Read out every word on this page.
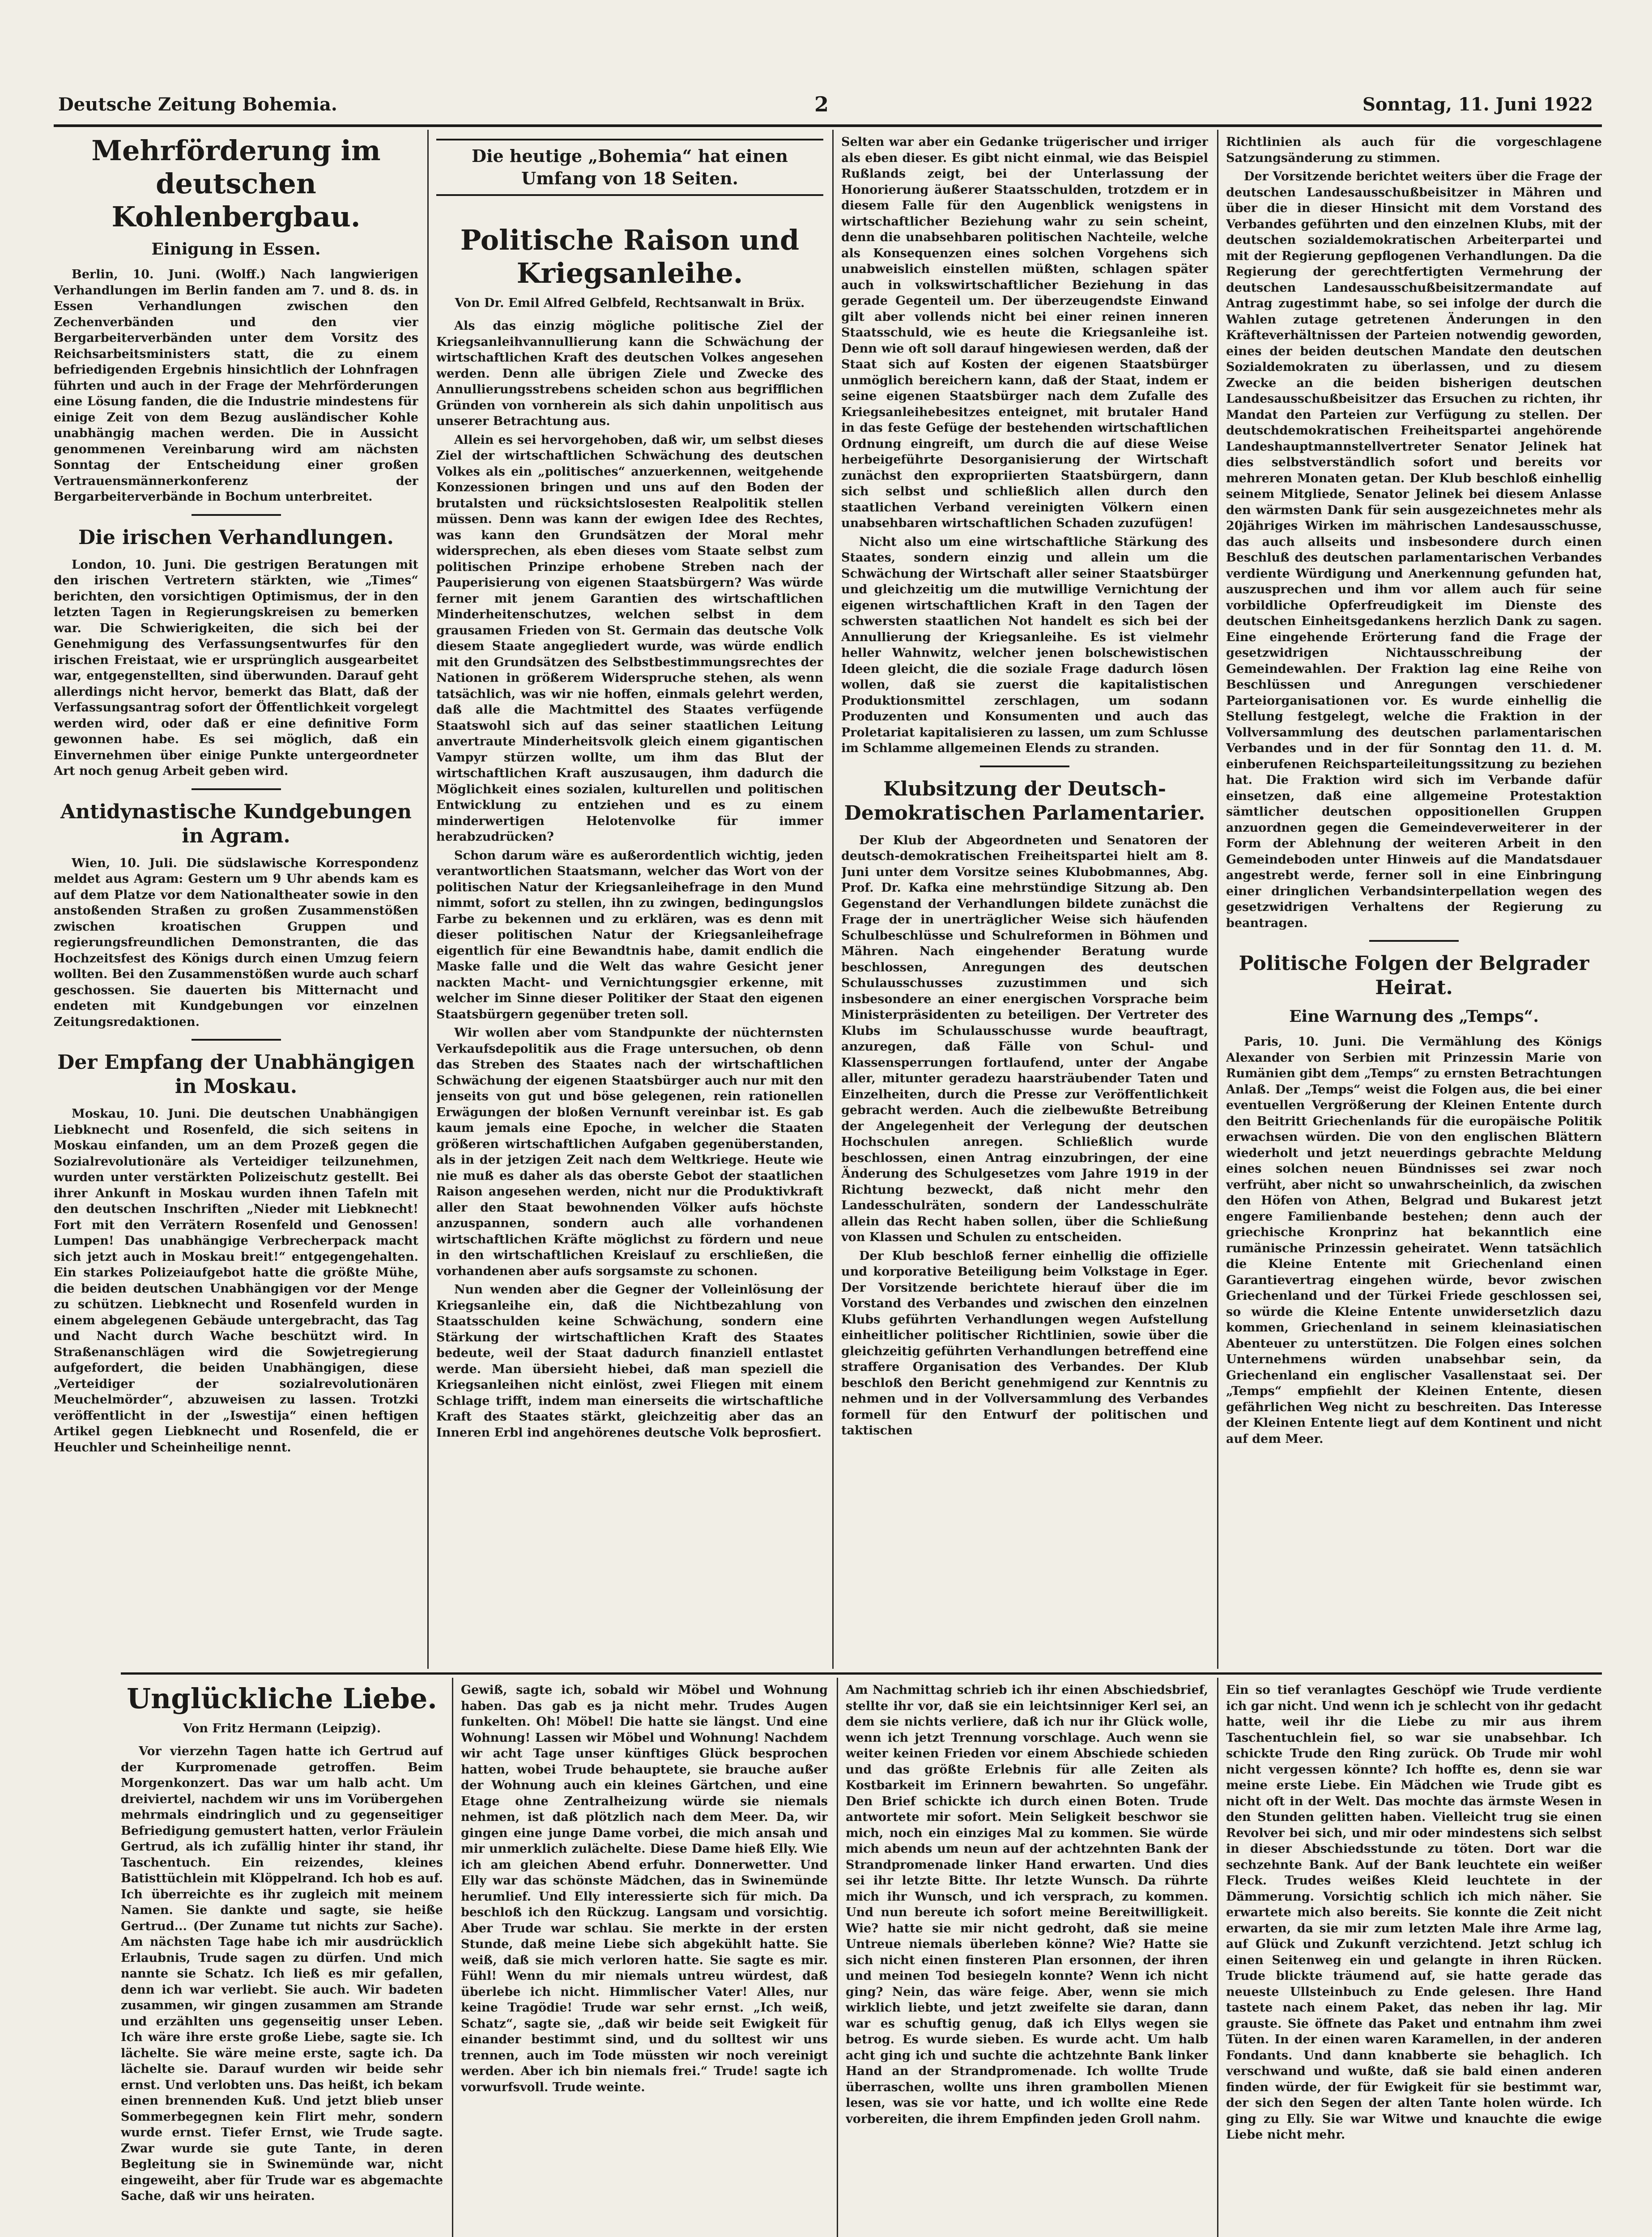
Deutsche Zeitung Bohemia.	2	Sonntag, 11. Juni 1922
Mehrförderung im deutschen Kohlenbergbau.
Einigung in Essen.

Berlin, 10. Juni. (Wolff.) Nach langwierigen Verhandlungen im Berlin fanden am 7. und 8. ds. in Essen Verhandlungen zwischen den Zechenverbänden und den vier Bergarbeiterverbänden unter dem Vorsitz des Reichsarbeitsministers statt, die zu einem befriedigenden Ergebnis hinsichtlich der Lohnfragen führten und auch in der Frage der Mehrförderungen eine Lösung fanden, die die Industrie mindestens für einige Zeit von dem Bezug ausländischer Kohle unabhängig machen werden. Die in Aussicht genommenen Vereinbarung wird am nächsten Sonntag der Entscheidung einer großen Vertrauensmännerkonferenz der Bergarbeiterverbände in Bochum unterbreitet.

Die irischen Verhandlungen.

London, 10. Juni. Die gestrigen Beratungen mit den irischen Vertretern stärkten, wie „Times“ berichten, den vorsichtigen Optimismus, der in den letzten Tagen in Regierungskreisen zu bemerken war. Die Schwierigkeiten, die sich bei der Genehmigung des Verfassungsentwurfes für den irischen Freistaat, wie er ursprünglich ausgearbeitet war, entgegenstellten, sind überwunden. Darauf geht allerdings nicht hervor, bemerkt das Blatt, daß der Verfassungsantrag sofort der Öffentlichkeit vorgelegt werden wird, oder daß er eine definitive Form gewonnen habe. Es sei möglich, daß ein Einvernehmen über einige Punkte untergeordneter Art noch genug Arbeit geben wird.

Antidynastische Kundgebungen in Agram.

Wien, 10. Juli. Die südslawische Korrespondenz meldet aus Agram: Gestern um 9 Uhr abends kam es auf dem Platze vor dem Nationaltheater sowie in den anstoßenden Straßen zu großen Zusammenstößen zwischen kroatischen Gruppen und regierungsfreundlichen Demonstranten, die das Hochzeitsfest des Königs durch einen Umzug feiern wollten. Bei den Zusammenstößen wurde auch scharf geschossen. Sie dauerten bis Mitternacht und endeten mit Kundgebungen vor einzelnen Zeitungsredaktionen.

Der Empfang der Unabhängigen in Moskau.

Moskau, 10. Juni. Die deutschen Unabhängigen Liebknecht und Rosenfeld, die sich seitens in Moskau einfanden, um an dem Prozeß gegen die Sozialrevolutionäre als Verteidiger teilzunehmen, wurden unter verstärkten Polizeischutz gestellt. Bei ihrer Ankunft in Moskau wurden ihnen Tafeln mit den deutschen Inschriften „Nieder mit Liebknecht! Fort mit den Verrätern Rosenfeld und Genossen! Lumpen! Das unabhängige Verbrecherpack macht sich jetzt auch in Moskau breit!“ entgegengehalten. Ein starkes Polizeiaufgebot hatte die größte Mühe, die beiden deutschen Unabhängigen vor der Menge zu schützen. Liebknecht und Rosenfeld wurden in einem abgelegenen Gebäude untergebracht, das Tag und Nacht durch Wache beschützt wird. In Straßenanschlägen wird die Sowjetregierung aufgefordert, die beiden Unabhängigen, diese „Verteidiger der sozialrevolutionären Meuchelmörder“, abzuweisen zu lassen. Trotzki veröffentlicht in der „Iswestija“ einen heftigen Artikel gegen Liebknecht und Rosenfeld, die er Heuchler und Scheinheilige nennt.

Die heutige „Bohemia“ hat einen Umfang von 18 Seiten.
Politische Raison und Kriegsanleihe.
Von Dr. Emil Alfred Gelbfeld, Rechtsanwalt in Brüx.

Als das einzig mögliche politische Ziel der Kriegsanleihvannullierung kann die Schwächung der wirtschaftlichen Kraft des deutschen Volkes angesehen werden. Denn alle übrigen Ziele und Zwecke des Annullierungsstrebens scheiden schon aus begrifflichen Gründen von vornherein als sich dahin unpolitisch aus unserer Betrachtung aus.

Allein es sei hervorgehoben, daß wir, um selbst dieses Ziel der wirtschaftlichen Schwächung des deutschen Volkes als ein „politisches“ anzuerkennen, weitgehende Konzessionen bringen und uns auf den Boden der brutalsten und rücksichtslosesten Realpolitik stellen müssen. Denn was kann der ewigen Idee des Rechtes, was kann den Grundsätzen der Moral mehr widersprechen, als eben dieses vom Staate selbst zum politischen Prinzipe erhobene Streben nach der Pauperisierung von eigenen Staatsbürgern? Was würde ferner mit jenem Garantien des wirtschaftlichen Minderheitenschutzes, welchen selbst in dem grausamen Frieden von St. Germain das deutsche Volk diesem Staate angegliedert wurde, was würde endlich mit den Grundsätzen des Selbstbestimmungsrechtes der Nationen in größerem Widerspruche stehen, als wenn tatsächlich, was wir nie hoffen, einmals gelehrt werden, daß alle die Machtmittel des Staates verfügende Staatswohl sich auf das seiner staatlichen Leitung anvertraute Minderheitsvolk gleich einem gigantischen Vampyr stürzen wollte, um ihm das Blut der wirtschaftlichen Kraft auszusaugen, ihm dadurch die Möglichkeit eines sozialen, kulturellen und politischen Entwicklung zu entziehen und es zu einem minderwertigen Helotenvolke für immer herabzudrücken?

Schon darum wäre es außerordentlich wichtig, jeden verantwortlichen Staatsmann, welcher das Wort von der politischen Natur der Kriegsanleihefrage in den Mund nimmt, sofort zu stellen, ihn zu zwingen, bedingungslos Farbe zu bekennen und zu erklären, was es denn mit dieser politischen Natur der Kriegsanleihefrage eigentlich für eine Bewandtnis habe, damit endlich die Maske falle und die Welt das wahre Gesicht jener nackten Macht- und Vernichtungsgier erkenne, mit welcher im Sinne dieser Politiker der Staat den eigenen Staatsbürgern gegenüber treten soll.

Wir wollen aber vom Standpunkte der nüchternsten Verkaufsdepolitik aus die Frage untersuchen, ob denn das Streben des Staates nach der wirtschaftlichen Schwächung der eigenen Staatsbürger auch nur mit den jenseits von gut und böse gelegenen, rein rationellen Erwägungen der bloßen Vernunft vereinbar ist. Es gab kaum jemals eine Epoche, in welcher die Staaten größeren wirtschaftlichen Aufgaben gegenüberstanden, als in der jetzigen Zeit nach dem Weltkriege. Heute wie nie muß es daher als das oberste Gebot der staatlichen Raison angesehen werden, nicht nur die Produktivkraft aller den Staat bewohnenden Völker aufs höchste anzuspannen, sondern auch alle vorhandenen wirtschaftlichen Kräfte möglichst zu fördern und neue in den wirtschaftlichen Kreislauf zu erschließen, die vorhandenen aber aufs sorgsamste zu schonen.

Nun wenden aber die Gegner der Volleinlösung der Kriegsanleihe ein, daß die Nichtbezahlung von Staatsschulden keine Schwächung, sondern eine Stärkung der wirtschaftlichen Kraft des Staates bedeute, weil der Staat dadurch finanziell entlastet werde. Man übersieht hiebei, daß man speziell die Kriegsanleihen nicht einlöst, zwei Fliegen mit einem Schlage trifft, indem man einerseits die wirtschaftliche Kraft des Staates stärkt, gleichzeitig aber das an Inneren Erbl ind angehörenes deutsche Volk beprosfiert.

Selten war aber ein Gedanke trügerischer und irriger als eben dieser. Es gibt nicht einmal, wie das Beispiel Rußlands zeigt, bei der Unterlassung der Honorierung äußerer Staatsschulden, trotzdem er in diesem Falle für den Augenblick wenigstens in wirtschaftlicher Beziehung wahr zu sein scheint, denn die unabsehbaren politischen Nachteile, welche als Konsequenzen eines solchen Vorgehens sich unabweislich einstellen müßten, schlagen später auch in volkswirtschaftlicher Beziehung in das gerade Gegenteil um. Der überzeugendste Einwand gilt aber vollends nicht bei einer reinen inneren Staatsschuld, wie es heute die Kriegsanleihe ist. Denn wie oft soll darauf hingewiesen werden, daß der Staat sich auf Kosten der eigenen Staatsbürger unmöglich bereichern kann, daß der Staat, indem er seine eigenen Staatsbürger nach dem Zufalle des Kriegsanleihebesitzes enteignet, mit brutaler Hand in das feste Gefüge der bestehenden wirtschaftlichen Ordnung eingreift, um durch die auf diese Weise herbeigeführte Desorganisierung der Wirtschaft zunächst den expropriierten Staatsbürgern, dann sich selbst und schließlich allen durch den staatlichen Verband vereinigten Völkern einen unabsehbaren wirtschaftlichen Schaden zuzufügen!

Nicht also um eine wirtschaftliche Stärkung des Staates, sondern einzig und allein um die Schwächung der Wirtschaft aller seiner Staatsbürger und gleichzeitig um die mutwillige Vernichtung der eigenen wirtschaftlichen Kraft in den Tagen der schwersten staatlichen Not handelt es sich bei der Annullierung der Kriegsanleihe. Es ist vielmehr heller Wahnwitz, welcher jenen bolschewistischen Ideen gleicht, die die soziale Frage dadurch lösen wollen, daß sie zuerst die kapitalistischen Produktionsmittel zerschlagen, um sodann Produzenten und Konsumenten und auch das Proletariat kapitalisieren zu lassen, um zum Schlusse im Schlamme allgemeinen Elends zu stranden.

Klubsitzung der Deutsch-Demokratischen Parlamentarier.

Der Klub der Abgeordneten und Senatoren der deutsch-demokratischen Freiheitspartei hielt am 8. Juni unter dem Vorsitze seines Klubobmannes, Abg. Prof. Dr. Kafka eine mehrstündige Sitzung ab. Den Gegenstand der Verhandlungen bildete zunächst die Frage der in unerträglicher Weise sich häufenden Schulbeschlüsse und Schulreformen in Böhmen und Mähren. Nach eingehender Beratung wurde beschlossen, Anregungen des deutschen Schulausschusses zuzustimmen und sich insbesondere an einer energischen Vorsprache beim Ministerpräsidenten zu beteiligen. Der Vertreter des Klubs im Schulausschusse wurde beauftragt, anzuregen, daß Fälle von Schul- und Klassensperrungen fortlaufend, unter der Angabe aller, mitunter geradezu haarsträubender Taten und Einzelheiten, durch die Presse zur Veröffentlichkeit gebracht werden. Auch die zielbewußte Betreibung der Angelegenheit der Verlegung der deutschen Hochschulen anregen. Schließlich wurde beschlossen, einen Antrag einzubringen, der eine Änderung des Schulgesetzes vom Jahre 1919 in der Richtung bezweckt, daß nicht mehr den Landesschulräten, sondern der Landesschulräte allein das Recht haben sollen, über die Schließung von Klassen und Schulen zu entscheiden.

Der Klub beschloß ferner einhellig die offizielle und korporative Beteiligung beim Volkstage in Eger. Der Vorsitzende berichtete hierauf über die im Vorstand des Verbandes und zwischen den einzelnen Klubs geführten Verhandlungen wegen Aufstellung einheitlicher politischer Richtlinien, sowie über die gleichzeitig geführten Verhandlungen betreffend eine straffere Organisation des Verbandes. Der Klub beschloß den Bericht genehmigend zur Kenntnis zu nehmen und in der Vollversammlung des Verbandes formell für den Entwurf der politischen und taktischen

Richtlinien als auch für die vorgeschlagene Satzungsänderung zu stimmen.

Der Vorsitzende berichtet weiters über die Frage der deutschen Landesausschußbeisitzer in Mähren und über die in dieser Hinsicht mit dem Vorstand des Verbandes geführten und den einzelnen Klubs, mit der deutschen sozialdemokratischen Arbeiterpartei und mit der Regierung gepflogenen Verhandlungen. Da die Regierung der gerechtfertigten Vermehrung der deutschen Landesausschußbeisitzermandate auf Antrag zugestimmt habe, so sei infolge der durch die Wahlen zutage getretenen Änderungen in den Kräfteverhältnissen der Parteien notwendig geworden, eines der beiden deutschen Mandate den deutschen Sozialdemokraten zu überlassen, und zu diesem Zwecke an die beiden bisherigen deutschen Landesausschußbeisitzer das Ersuchen zu richten, ihr Mandat den Parteien zur Verfügung zu stellen. Der deutschdemokratischen Freiheitspartei angehörende Landeshauptmannstellvertreter Senator Jelinek hat dies selbstverständlich sofort und bereits vor mehreren Monaten getan. Der Klub beschloß einhellig seinem Mitgliede, Senator Jelinek bei diesem Anlasse den wärmsten Dank für sein ausgezeichnetes mehr als 20jähriges Wirken im mährischen Landesausschusse, das auch allseits und insbesondere durch einen Beschluß des deutschen parlamentarischen Verbandes verdiente Würdigung und Anerkennung gefunden hat, auszusprechen und ihm vor allem auch für seine vorbildliche Opferfreudigkeit im Dienste des deutschen Einheitsgedankens herzlich Dank zu sagen. Eine eingehende Erörterung fand die Frage der gesetzwidrigen Nichtausschreibung der Gemeindewahlen. Der Fraktion lag eine Reihe von Beschlüssen und Anregungen verschiedener Parteiorganisationen vor. Es wurde einhellig die Stellung festgelegt, welche die Fraktion in der Vollversammlung des deutschen parlamentarischen Verbandes und in der für Sonntag den 11. d. M. einberufenen Reichsparteileitungssitzung zu beziehen hat. Die Fraktion wird sich im Verbande dafür einsetzen, daß eine allgemeine Protestaktion sämtlicher deutschen oppositionellen Gruppen anzuordnen gegen die Gemeindeverweiterer in der Form der Ablehnung der weiteren Arbeit in den Gemeindeboden unter Hinweis auf die Mandatsdauer angestrebt werde, ferner soll in eine Einbringung einer dringlichen Verbandsinterpellation wegen des gesetzwidrigen Verhaltens der Regierung zu beantragen.

Politische Folgen der Belgrader Heirat.
Eine Warnung des „Temps“.

Paris, 10. Juni. Die Vermählung des Königs Alexander von Serbien mit Prinzessin Marie von Rumänien gibt dem „Temps“ zu ernsten Betrachtungen Anlaß. Der „Temps“ weist die Folgen aus, die bei einer eventuellen Vergrößerung der Kleinen Entente durch den Beitritt Griechenlands für die europäische Politik erwachsen würden. Die von den englischen Blättern wiederholt und jetzt neuerdings gebrachte Meldung eines solchen neuen Bündnisses sei zwar noch verfrüht, aber nicht so unwahrscheinlich, da zwischen den Höfen von Athen, Belgrad und Bukarest jetzt engere Familienbande bestehen; denn auch der griechische Kronprinz hat bekanntlich eine rumänische Prinzessin geheiratet. Wenn tatsächlich die Kleine Entente mit Griechenland einen Garantievertrag eingehen würde, bevor zwischen Griechenland und der Türkei Friede geschlossen sei, so würde die Kleine Entente unwidersetzlich dazu kommen, Griechenland in seinem kleinasiatischen Abenteuer zu unterstützen. Die Folgen eines solchen Unternehmens würden unabsehbar sein, da Griechenland ein englischer Vasallenstaat sei. Der „Temps“ empfiehlt der Kleinen Entente, diesen gefährlichen Weg nicht zu beschreiten. Das Interesse der Kleinen Entente liegt auf dem Kontinent und nicht auf dem Meer.

Unglückliche Liebe.
Von Fritz Hermann (Leipzig).

Vor vierzehn Tagen hatte ich Gertrud auf der Kurpromenade getroffen. Beim Morgenkonzert. Das war um halb acht. Um dreiviertel, nachdem wir uns im Vorübergehen mehrmals eindringlich und zu gegenseitiger Befriedigung gemustert hatten, verlor Fräulein Gertrud, als ich zufällig hinter ihr stand, ihr Taschentuch. Ein reizendes, kleines Batisttüchlein mit Klöppelrand. Ich hob es auf. Ich überreichte es ihr zugleich mit meinem Namen. Sie dankte und sagte, sie heiße Gertrud... (Der Zuname tut nichts zur Sache). Am nächsten Tage habe ich mir ausdrücklich Erlaubnis, Trude sagen zu dürfen. Und mich nannte sie Schatz. Ich ließ es mir gefallen, denn ich war verliebt. Sie auch. Wir badeten zusammen, wir gingen zusammen am Strande und erzählten uns gegenseitig unser Leben. Ich wäre ihre erste große Liebe, sagte sie. Ich lächelte. Sie wäre meine erste, sagte ich. Da lächelte sie. Darauf wurden wir beide sehr ernst. Und verlobten uns. Das heißt, ich bekam einen brennenden Kuß. Und jetzt blieb unser Sommerbegegnen kein Flirt mehr, sondern wurde ernst. Tiefer Ernst, wie Trude sagte. Zwar wurde sie gute Tante, in deren Begleitung sie in Swinemünde war, nicht eingeweiht, aber für Trude war es abgemachte Sache, daß wir uns heiraten.

Gewiß, sagte ich, sobald wir Möbel und Wohnung haben. Das gab es ja nicht mehr. Trudes Augen funkelten. Oh! Möbel! Die hatte sie längst. Und eine Wohnung! Lassen wir Möbel und Wohnung! Nachdem wir acht Tage unser künftiges Glück besprochen hatten, wobei Trude behauptete, sie brauche außer der Wohnung auch ein kleines Gärtchen, und eine Etage ohne Zentralheizung würde sie niemals nehmen, ist daß plötzlich nach dem Meer. Da, wir gingen eine junge Dame vorbei, die mich ansah und mir unmerklich zulächelte. Diese Dame hieß Elly. Wie ich am gleichen Abend erfuhr. Donnerwetter. Und Elly war das schönste Mädchen, das in Swinemünde herumlief. Und Elly interessierte sich für mich. Da beschloß ich den Rückzug. Langsam und vorsichtig. Aber Trude war schlau. Sie merkte in der ersten Stunde, daß meine Liebe sich abgekühlt hatte. Sie weiß, daß sie mich verloren hatte. Sie sagte es mir. Fühl! Wenn du mir niemals untreu würdest, daß überlebe ich nicht. Himmlischer Vater! Alles, nur keine Tragödie! Trude war sehr ernst. „Ich weiß, Schatz“, sagte sie, „daß wir beide seit Ewigkeit für einander bestimmt sind, und du solltest wir uns trennen, auch im Tode müssten wir noch vereinigt werden. Aber ich bin niemals frei.“ Trude! sagte ich vorwurfsvoll. Trude weinte.

Am Nachmittag schrieb ich ihr einen Abschiedsbrief, stellte ihr vor, daß sie ein leichtsinniger Kerl sei, an dem sie nichts verliere, daß ich nur ihr Glück wolle, wenn ich jetzt Trennung vorschlage. Auch wenn sie weiter keinen Frieden vor einem Abschiede schieden und das größte Erlebnis für alle Zeiten als Kostbarkeit im Erinnern bewahrten. So ungefähr. Den Brief schickte ich durch einen Boten. Trude antwortete mir sofort. Mein Seligkeit beschwor sie mich, noch ein einziges Mal zu kommen. Sie würde mich abends um neun auf der achtzehnten Bank der Strandpromenade linker Hand erwarten. Und dies sei ihr letzte Bitte. Ihr letzte Wunsch. Da rührte mich ihr Wunsch, und ich versprach, zu kommen. Und nun bereute ich sofort meine Bereitwilligkeit. Wie? hatte sie mir nicht gedroht, daß sie meine Untreue niemals überleben könne? Wie? Hatte sie sich nicht einen finsteren Plan ersonnen, der ihren und meinen Tod besiegeln konnte? Wenn ich nicht ging? Nein, das wäre feige. Aber, wenn sie mich wirklich liebte, und jetzt zweifelte sie daran, dann war es schuftig genug, daß ich Ellys wegen sie betrog. Es wurde sieben. Es wurde acht. Um halb acht ging ich und suchte die achtzehnte Bank linker Hand an der Strandpromenade. Ich wollte Trude überraschen, wollte uns ihren grambollen Mienen lesen, was sie vor hatte, und ich wollte eine Rede vorbereiten, die ihrem Empfinden jeden Groll nahm.

Ein so tief veranlagtes Geschöpf wie Trude verdiente ich gar nicht. Und wenn ich je schlecht von ihr gedacht hatte, weil ihr die Liebe zu mir aus ihrem Taschentuchlein fiel, so war sie unabsehbar. Ich schickte Trude den Ring zurück. Ob Trude mir wohl nicht vergessen könnte? Ich hoffte es, denn sie war meine erste Liebe. Ein Mädchen wie Trude gibt es nicht oft in der Welt. Das mochte das ärmste Wesen in den Stunden gelitten haben. Vielleicht trug sie einen Revolver bei sich, und mir oder mindestens sich selbst in dieser Abschiedsstunde zu töten. Dort war die sechzehnte Bank. Auf der Bank leuchtete ein weißer Fleck. Trudes weißes Kleid leuchtete in der Dämmerung. Vorsichtig schlich ich mich näher. Sie erwartete mich also bereits. Sie konnte die Zeit nicht erwarten, da sie mir zum letzten Male ihre Arme lag, auf Glück und Zukunft verzichtend. Jetzt schlug ich einen Seitenweg ein und gelangte in ihren Rücken. Trude blickte träumend auf, sie hatte gerade das neueste Ullsteinbuch zu Ende gelesen. Ihre Hand tastete nach einem Paket, das neben ihr lag. Mir grauste. Sie öffnete das Paket und entnahm ihm zwei Tüten. In der einen waren Karamellen, in der anderen Fondants. Und dann knabberte sie behaglich. Ich verschwand und wußte, daß sie bald einen anderen finden würde, der für Ewigkeit für sie bestimmt war, der sich den Segen der alten Tante holen würde. Ich ging zu Elly. Sie war Witwe und knauchte die ewige Liebe nicht mehr.
